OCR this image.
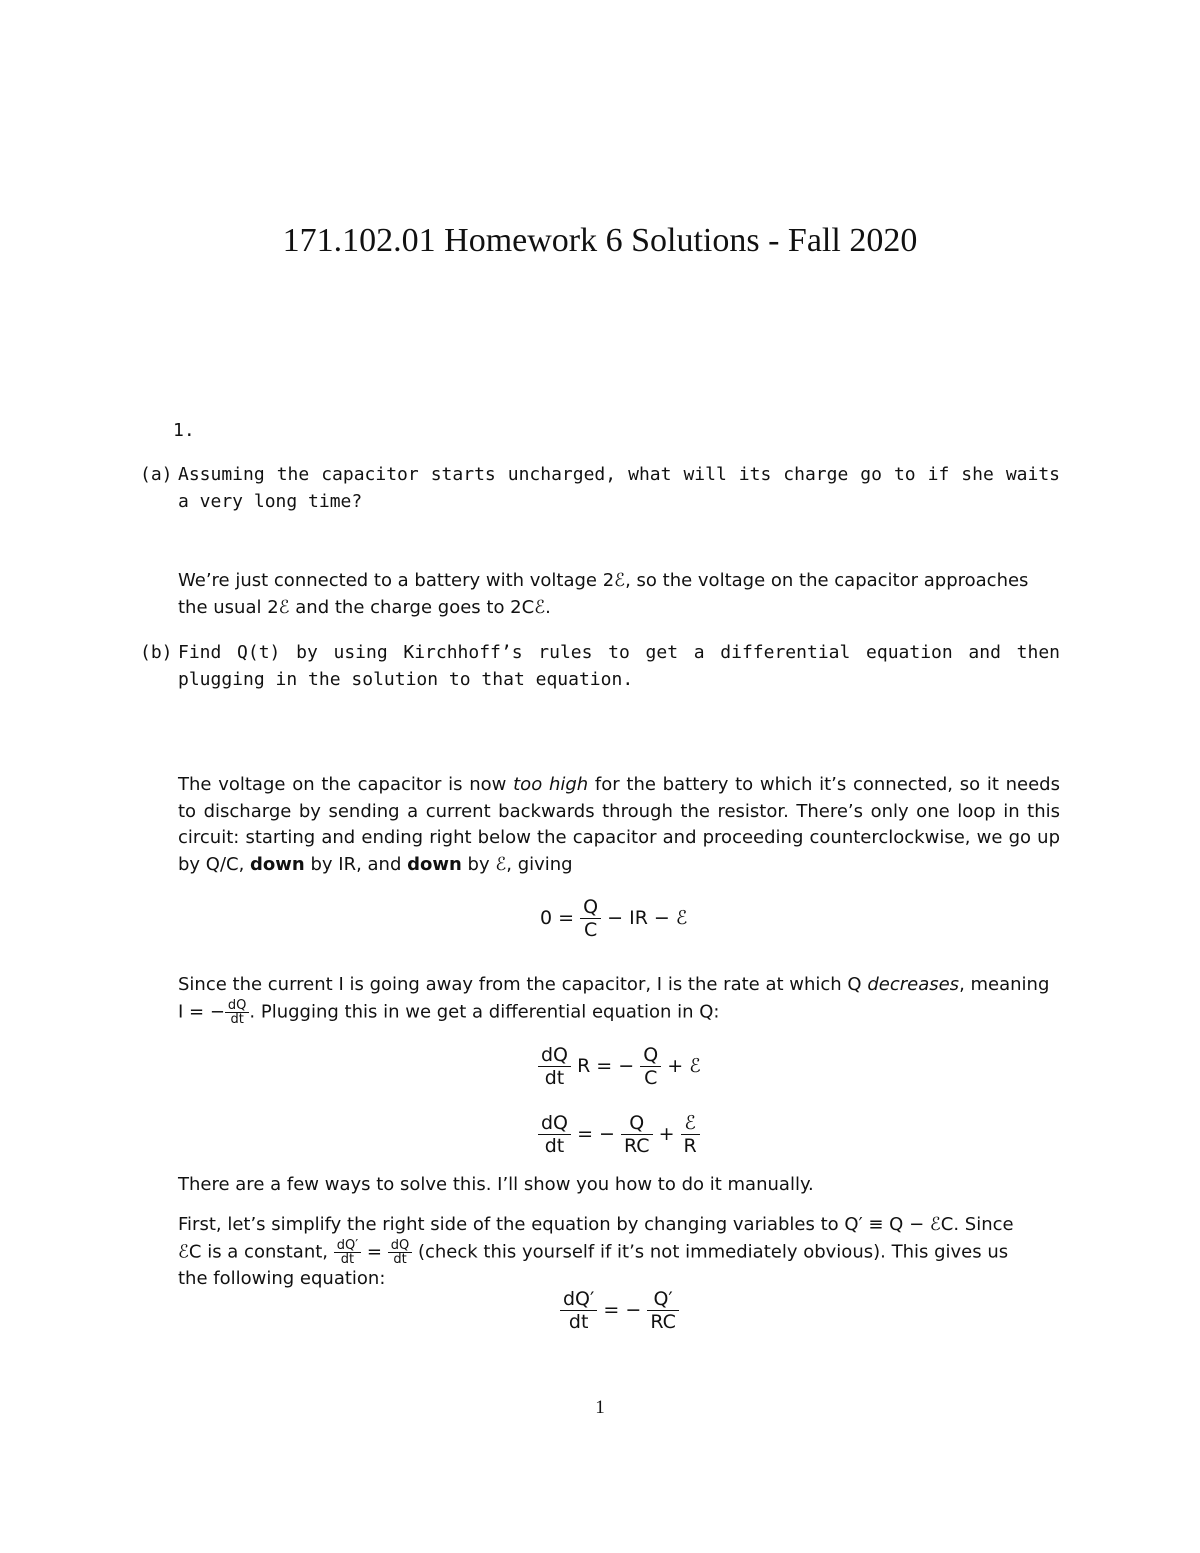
171.102.01 Homework 6 Solutions - Fall 2020
1.
(a) Assuming the capacitor starts uncharged, what will its charge go to if she waits a very long time?
We’re just connected to a battery with voltage 2ℰ, so the voltage on the capacitor approaches
the usual 2ℰ and the charge goes to 2Cℰ.
(b) Find Q(t) by using Kirchhoff’s rules to get a differential equation and then plugging in the solution to that equation.
The voltage on the capacitor is now too high for the battery to which it’s connected, so it needs to discharge by sending a current backwards through the resistor. There’s only one loop in this circuit: starting and ending right below the capacitor and proceeding counterclockwise, we go up by Q/C, down by IR, and down by ℰ, giving
$0 = \frac{Q}{C}$ − IR − ℰ
Since the current I is going away from the capacitor, I is the rate at which Q decreases, meaning
I = − $\frac{dQ}{dt}$ . Plugging this in we get a differential equation in Q:
$\frac{dQ}{dt}$ R = − $\frac{Q}{C}$ + ℰ
$\frac{dQ}{dt}$ = − $\frac{Q}{RC} + \frac{\text{ℰ}}{R}$
There are a few ways to solve this. I’ll show you how to do it manually.
First, let’s simplify the right side of the equation by changing variables to Q′ ≡ Q − ℰC. Since
ℰC is a constant, $\frac{dQ'}{dt} = \frac{dQ}{dt}$ (check this yourself if it’s not immediately obvious). This gives us
the following equation:
$\frac{dQ'}{dt}$ = − $\frac{Q'}{RC}$
1
